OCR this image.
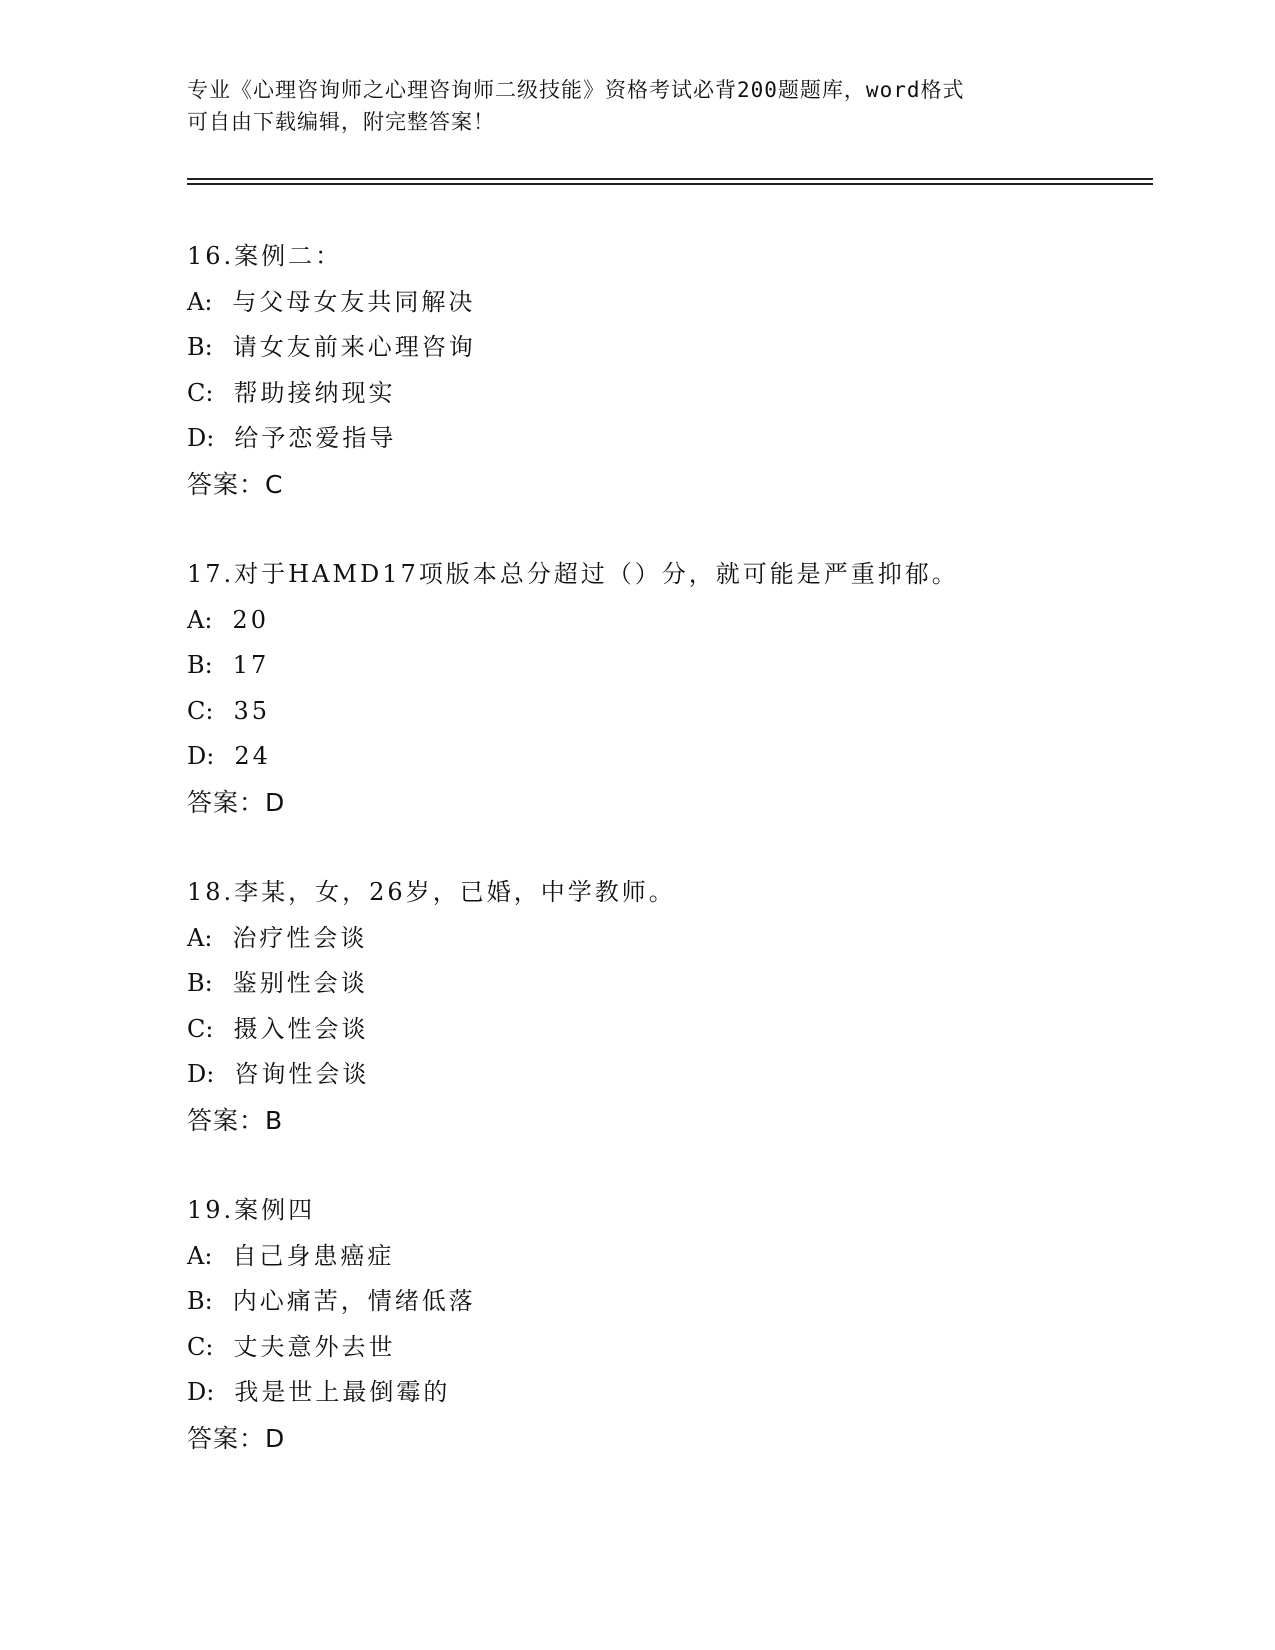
专业《心理咨询师之心理咨询师二级技能》资格考试必背200题题库，word格式
可自由下载编辑，附完整答案！
16.案例二：
A: 与父母女友共同解决
B: 请女友前来心理咨询
C: 帮助接纳现实
D: 给予恋爱指导
答案：C
17.对于HAMD17项版本总分超过（）分，就可能是严重抑郁。
A: 20
B: 17
C: 35
D: 24
答案：D
18.李某，女，26岁，已婚，中学教师。
A: 治疗性会谈
B: 鉴别性会谈
C: 摄入性会谈
D: 咨询性会谈
答案：B
19.案例四
A: 自己身患癌症
B: 内心痛苦，情绪低落
C: 丈夫意外去世
D: 我是世上最倒霉的
答案：D
